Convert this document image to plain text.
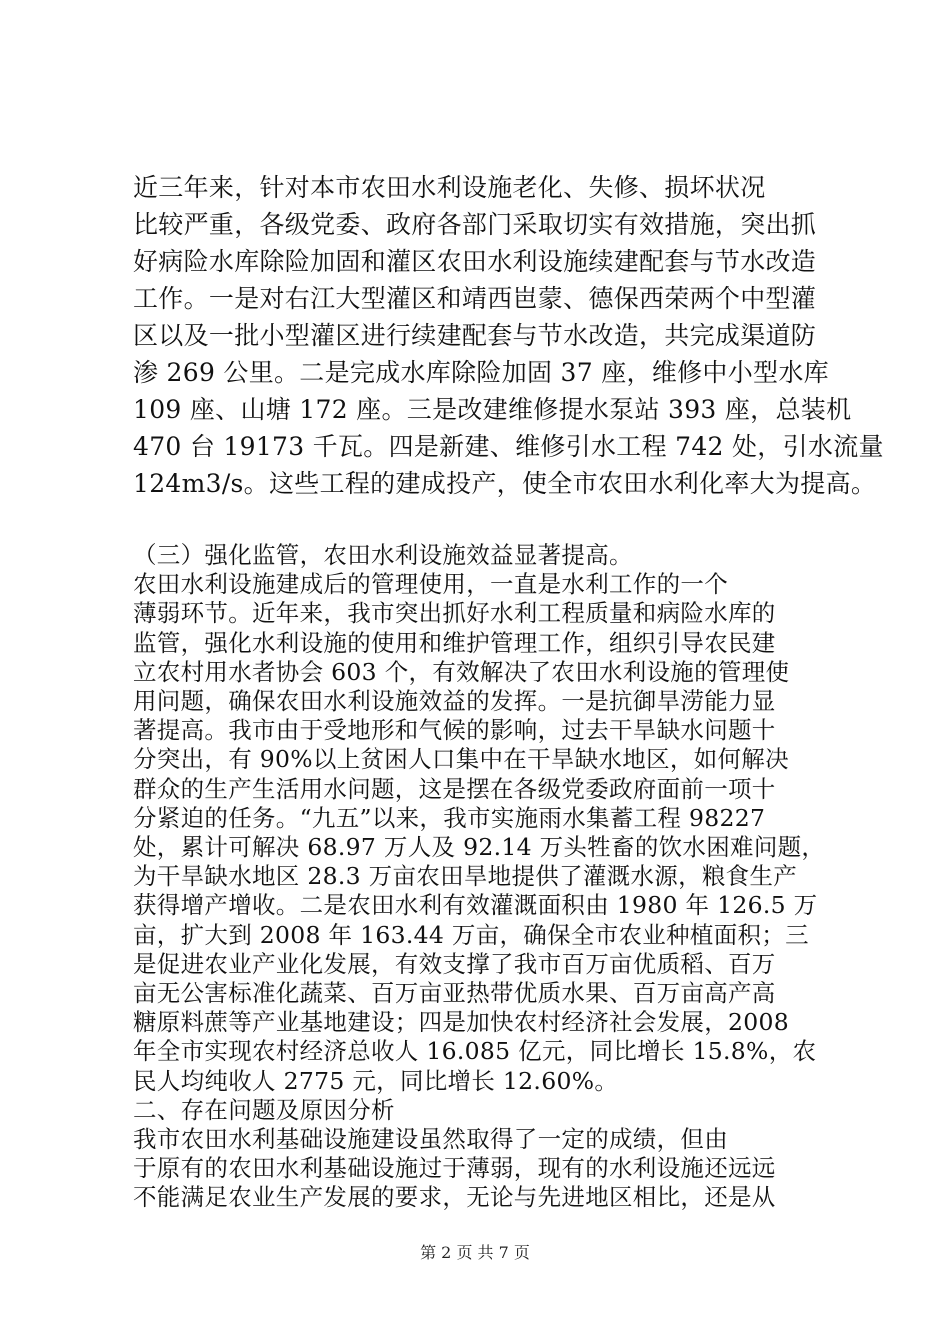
近三年来，针对本市农田水利设施老化、失修、损坏状况
比较严重，各级党委、政府各部门采取切实有效措施，突出抓
好病险水库除险加固和灌区农田水利设施续建配套与节水改造
工作。一是对右江大型灌区和靖西岜蒙、德保西荣两个中型灌
区以及一批小型灌区进行续建配套与节水改造，共完成渠道防
渗 269 公里。二是完成水库除险加固 37 座，维修中小型水库
109 座、山塘 172 座。三是改建维修提水泵站 393 座，总装机
470 台 19173 千瓦。四是新建、维修引水工程 742 处，引水流量
124m3/s。这些工程的建成投产，使全市农田水利化率大为提高。
（三）强化监管，农田水利设施效益显著提高。
农田水利设施建成后的管理使用，一直是水利工作的一个
薄弱环节。近年来，我市突出抓好水利工程质量和病险水库的
监管，强化水利设施的使用和维护管理工作，组织引导农民建
立农村用水者协会 603 个，有效解决了农田水利设施的管理使
用问题，确保农田水利设施效益的发挥。一是抗御旱涝能力显
著提高。我市由于受地形和气候的影响，过去干旱缺水问题十
分突出，有 90%以上贫困人口集中在干旱缺水地区，如何解决
群众的生产生活用水问题，这是摆在各级党委政府面前一项十
分紧迫的任务。“九五”以来，我市实施雨水集蓄工程 98227
处，累计可解决 68.97 万人及 92.14 万头牲畜的饮水困难问题，
为干旱缺水地区 28.3 万亩农田旱地提供了灌溉水源，粮食生产
获得增产增收。二是农田水利有效灌溉面积由 1980 年 126.5 万
亩，扩大到 2008 年 163.44 万亩，确保全市农业种植面积；三
是促进农业产业化发展，有效支撑了我市百万亩优质稻、百万
亩无公害标准化蔬菜、百万亩亚热带优质水果、百万亩高产高
糖原料蔗等产业基地建设；四是加快农村经济社会发展，2008
年全市实现农村经济总收人 16.085 亿元，同比增长 15.8%，农
民人均纯收人 2775 元，同比增长 12.60%。
二、存在问题及原因分析
我市农田水利基础设施建设虽然取得了一定的成绩，但由
于原有的农田水利基础设施过于薄弱，现有的水利设施还远远
不能满足农业生产发展的要求，无论与先进地区相比，还是从
第 2 页 共 7 页
